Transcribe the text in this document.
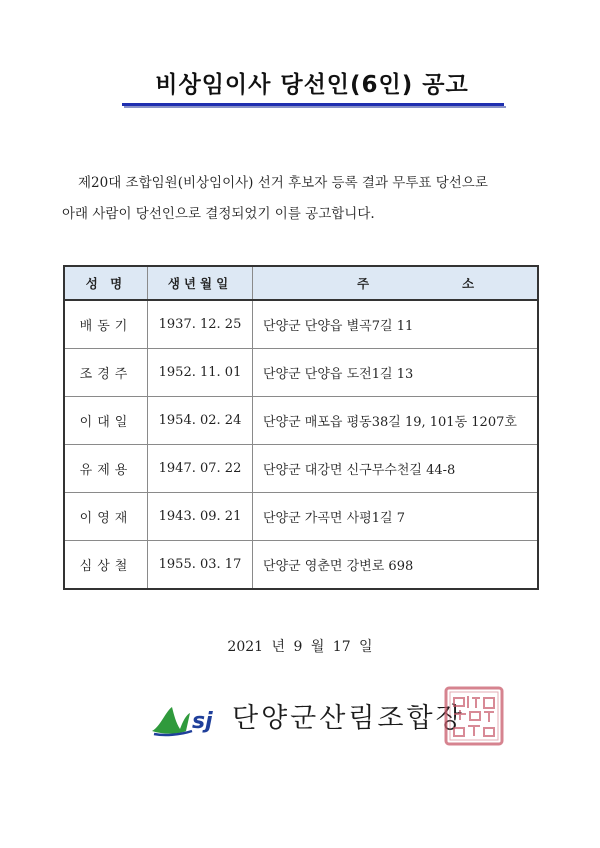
비상임이사 당선인(6인) 공고

제20대 조합임원(비상임이사) 선거 후보자 등록 결과 무투표 당선으로

아래 사람이 당선인으로 결정되었기 이를 공고합니다.

성 명	생년월일	주 소
배동기	1937. 12. 25	단양군 단양읍 별곡7길 11
조경주	1952. 11. 01	단양군 단양읍 도전1길 13
이대일	1954. 02. 24	단양군 매포읍 평동38길 19, 101동 1207호
유제용	1947. 07. 22	단양군 대강면 신구무수천길 44-8
이영재	1943. 09. 21	단양군 가곡면 사평1길 7
심상철	1955. 03. 17	단양군 영춘면 강변로 698
2021 년 9 월 17 일
sj 단양군산림조합장
